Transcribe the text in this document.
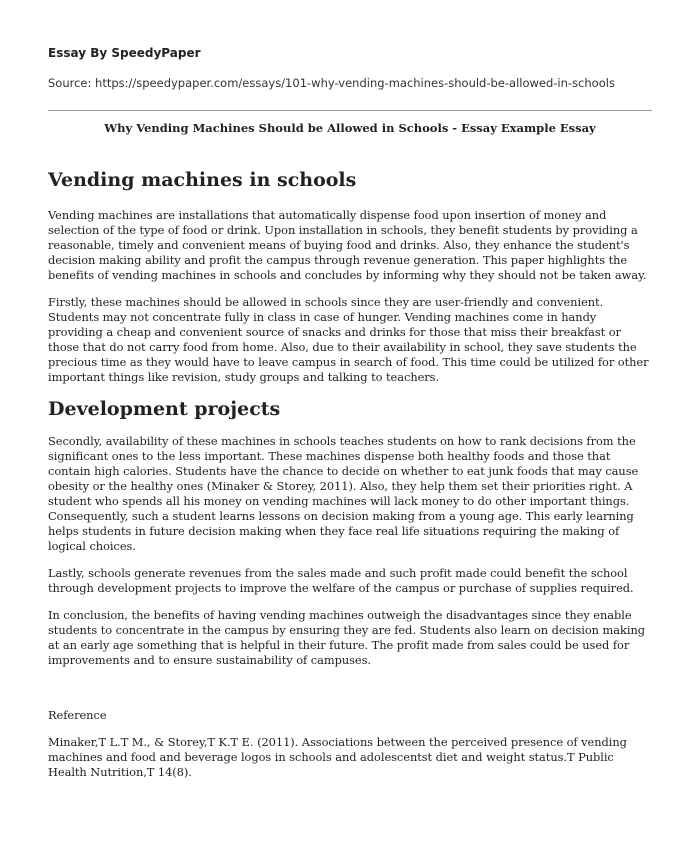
Essay By SpeedyPaper
Source: https://speedypaper.com/essays/101-why-vending-machines-should-be-allowed-in-schools
Why Vending Machines Should be Allowed in Schools - Essay Example Essay
Vending machines in schools

Vending machines are installations that automatically dispense food upon insertion of money and selection of the type of food or drink. Upon installation in schools, they benefit students by providing a reasonable, timely and convenient means of buying food and drinks. Also, they enhance the student's decision making ability and profit the campus through revenue generation. This paper highlights the benefits of vending machines in schools and concludes by informing why they should not be taken away.

Firstly, these machines should be allowed in schools since they are user-friendly and convenient. Students may not concentrate fully in class in case of hunger. Vending machines come in handy providing a cheap and convenient source of snacks and drinks for those that miss their breakfast or those that do not carry food from home. Also, due to their availability in school, they save students the precious time as they would have to leave campus in search of food. This time could be utilized for other important things like revision, study groups and talking to teachers.

Development projects

Secondly, availability of these machines in schools teaches students on how to rank decisions from the significant ones to the less important. These machines dispense both healthy foods and those that contain high calories. Students have the chance to decide on whether to eat junk foods that may cause obesity or the healthy ones (Minaker & Storey, 2011). Also, they help them set their priorities right. A student who spends all his money on vending machines will lack money to do other important things. Consequently, such a student learns lessons on decision making from a young age. This early learning helps students in future decision making when they face real life situations requiring the making of logical choices.

Lastly, schools generate revenues from the sales made and such profit made could benefit the school through development projects to improve the welfare of the campus or purchase of supplies required.

In conclusion, the benefits of having vending machines outweigh the disadvantages since they enable students to concentrate in the campus by ensuring they are fed. Students also learn on decision making at an early age something that is helpful in their future. The profit made from sales could be used for improvements and to ensure sustainability of campuses.

Reference

Minaker,T L.T M., & Storey,T K.T E. (2011). Associations between the perceived presence of vending machines and food and beverage logos in schools and adolescentst diet and weight status.T Public Health Nutrition,T 14(8).
